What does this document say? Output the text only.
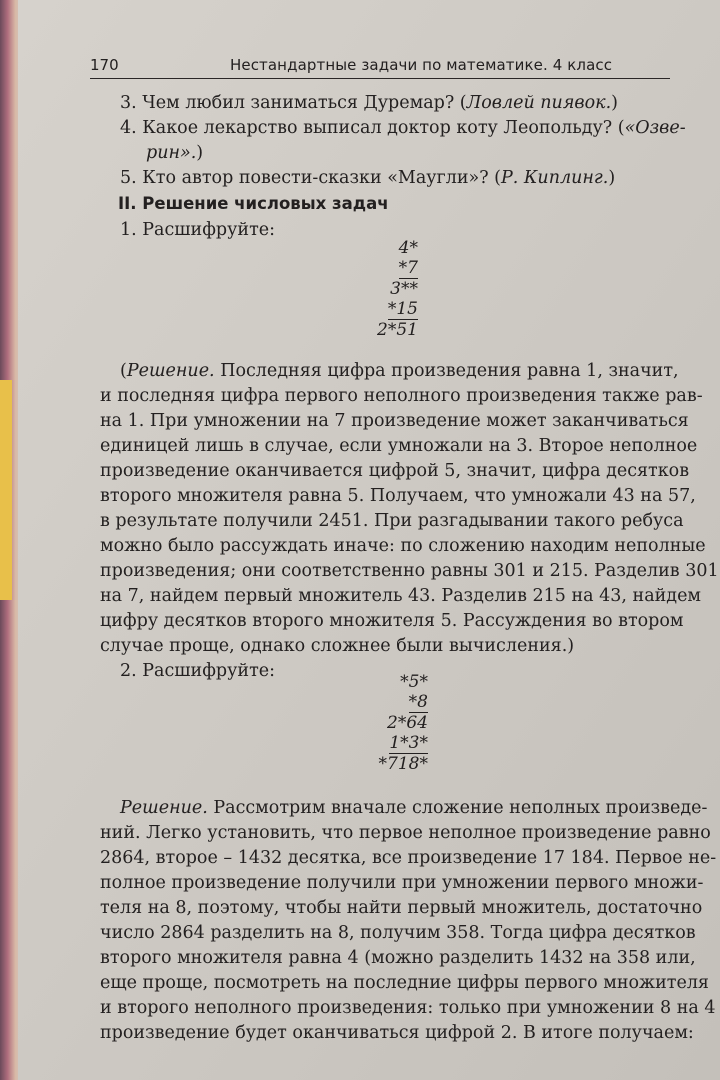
170	Нестандартные задачи по математике. 4 класс
3. Чем любил заниматься Дуремар? (Ловлей пиявок.)
4. Какое лекарство выписал доктор коту Леопольду? («Озве-
рин».)
5. Кто автор повести-сказки «Маугли»? (Р. Киплинг.)
II. Решение числовых задач
1. Расшифруйте:
4*
*7
3**
*15
2*51
(Решение. Последняя цифра произведения равна 1, значит,
и последняя цифра первого неполного произведения также рав-
на 1. При умножении на 7 произведение может заканчиваться
единицей лишь в случае, если умножали на 3. Второе неполное
произведение оканчивается цифрой 5, значит, цифра десятков
второго множителя равна 5. Получаем, что умножали 43 на 57,
в результате получили 2451. При разгадывании такого ребуса
можно было рассуждать иначе: по сложению находим неполные
произведения; они соответственно равны 301 и 215. Разделив 301
на 7, найдем первый множитель 43. Разделив 215 на 43, найдем
цифру десятков второго множителя 5. Рассуждения во втором
случае проще, однако сложнее были вычисления.)
2. Расшифруйте:
*5*
*8
2*64
1*3*
*718*
Решение. Рассмотрим вначале сложение неполных произведе-
ний. Легко установить, что первое неполное произведение равно
2864, второе – 1432 десятка, все произведение 17 184. Первое не-
полное произведение получили при умножении первого множи-
теля на 8, поэтому, чтобы найти первый множитель, достаточно
число 2864 разделить на 8, получим 358. Тогда цифра десятков
второго множителя равна 4 (можно разделить 1432 на 358 или,
еще проще, посмотреть на последние цифры первого множителя
и второго неполного произведения: только при умножении 8 на 4
произведение будет оканчиваться цифрой 2. В итоге получаем:
